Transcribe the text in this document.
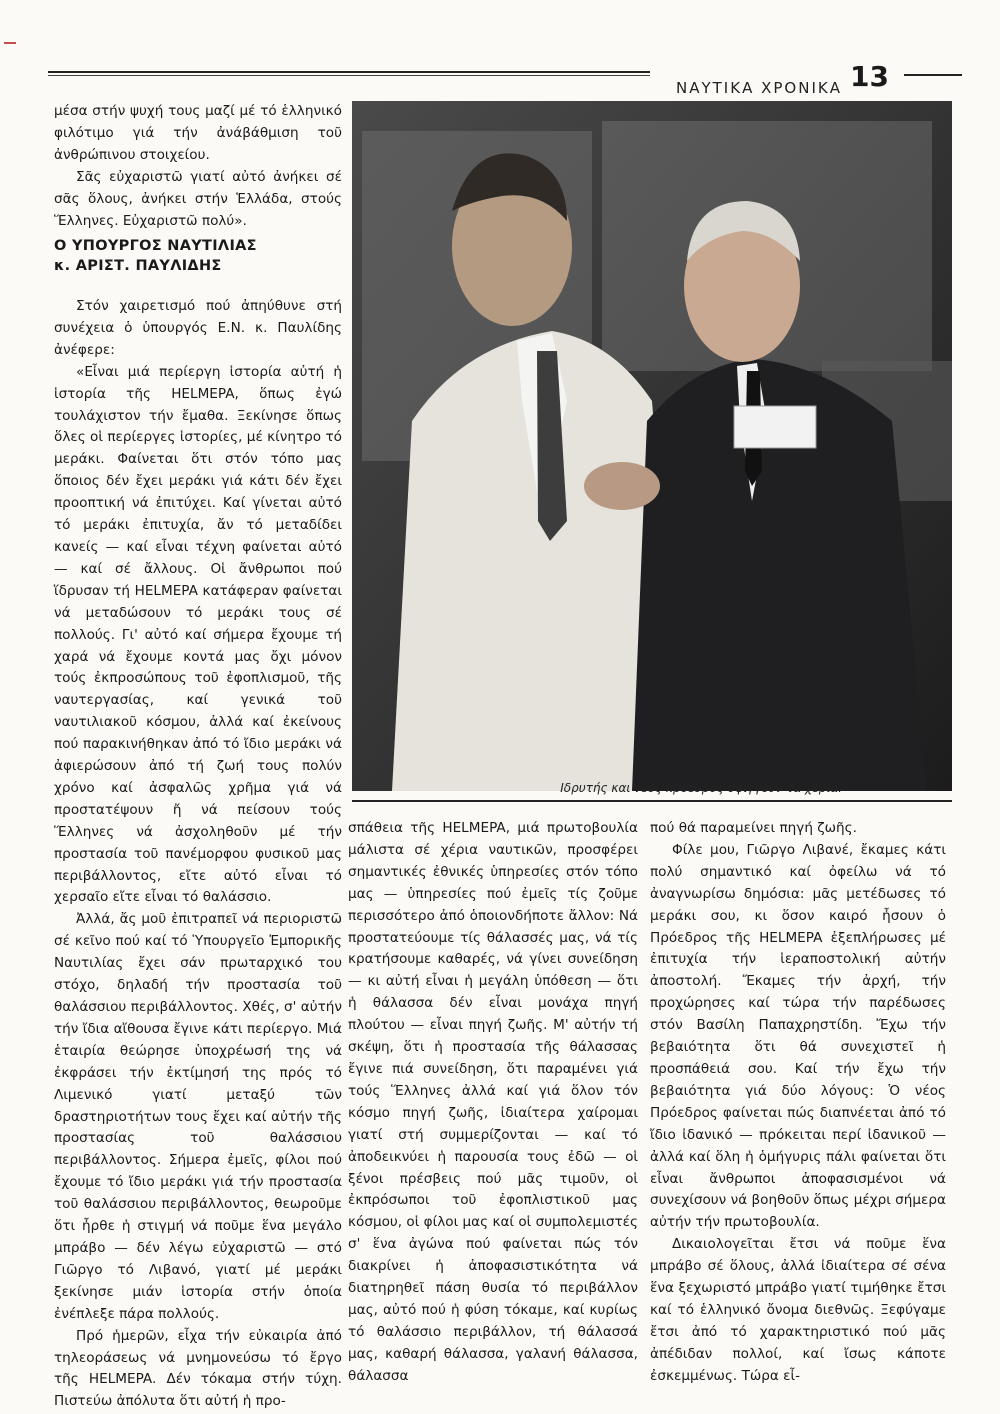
ΝΑΥΤΙΚΑ ΧΡΟΝΙΚΑ 13

μέσα στήν ψυχή τους μαζί μέ τό ἑλληνικό φιλότιμο γιά τήν ἀνάβάθμιση τοῦ ἀνθρώπινου στοιχείου.

Σᾶς εὐχαριστῶ γιατί αὐτό ἀνήκει σέ σᾶς ὅλους, ἀνήκει στήν Ἑλλάδα, στούς Ἕλληνες. Εὐχαριστῶ πολύ».

Ο ΥΠΟΥΡΓΟΣ ΝΑΥΤΙΛΙΑΣ
κ. ΑΡΙΣΤ. ΠΑΥΛΙΔΗΣ

Στόν χαιρετισμό πού ἀπηύθυνε στή συνέχεια ὁ ὑπουργός Ε.Ν. κ. Παυλίδης ἀνέφερε:

«Εἶναι μιά περίεργη ἱστορία αὐτή ἡ ἱστορία τῆς HELMEPA, ὅπως ἐγώ τουλάχιστον τήν ἔμαθα. Ξεκίνησε ὅπως ὅλες οἱ περίεργες ἱστορίες, μέ κίνητρο τό μεράκι. Φαίνεται ὅτι στόν τόπο μας ὅποιος δέν ἔχει μεράκι γιά κάτι δέν ἔχει προοπτική νά ἐπιτύχει. Καί γίνεται αὐτό τό μεράκι ἐπιτυχία, ἄν τό μεταδίδει κανείς — καί εἶναι τέχνη φαίνεται αὐτό — καί σέ ἄλλους. Οἱ ἄνθρωποι πού ἵδρυσαν τή HELMEPA κατάφεραν φαίνεται νά μεταδώσουν τό μεράκι τους σέ πολλούς. Γι' αὐτό καί σήμερα ἔχουμε τή χαρά νά ἔχουμε κοντά μας ὄχι μόνον τούς ἐκπροσώπους τοῦ ἐφοπλισμοῦ, τῆς ναυτεργασίας, καί γενικά τοῦ ναυτιλιακοῦ κόσμου, ἀλλά καί ἐκείνους πού παρακινήθηκαν ἀπό τό ἴδιο μεράκι νά ἀφιερώσουν ἀπό τή ζωή τους πολύν χρόνο καί ἀσφαλῶς χρῆμα γιά νά προστατέψουν ἤ νά πείσουν τούς Ἕλληνες νά ἀσχοληθοῦν μέ τήν προστασία τοῦ πανέμορφου φυσικοῦ μας περιβάλλοντος, εἴτε αὐτό εἶναι τό χερσαῖο εἴτε εἶναι τό θαλάσσιο.

Ἀλλά, ἄς μοῦ ἐπιτραπεῖ νά περιοριστῶ σέ κεῖνο πού καί τό Ὑπουργεῖο Ἐμπορικῆς Ναυτιλίας ἔχει σάν πρωταρχικό του στόχο, δηλαδή τήν προστασία τοῦ θαλάσσιου περιβάλλοντος. Χθές, σ' αὐτήν τήν ἴδια αἴθουσα ἔγινε κάτι περίεργο. Μιά ἑταιρία θεώρησε ὑποχρέωσή της νά ἐκφράσει τήν ἐκτίμησή της πρός τό Λιμενικό γιατί μεταξύ τῶν δραστηριοτήτων τους ἔχει καί αὐτήν τῆς προστασίας τοῦ θαλάσσιου περιβάλλοντος. Σήμερα ἐμεῖς, φίλοι πού ἔχουμε τό ἴδιο μεράκι γιά τήν προστασία τοῦ θαλάσσιου περιβάλλοντος, θεωροῦμε ὅτι ἦρθε ἡ στιγμή νά ποῦμε ἕνα μεγάλο μπράβο — δέν λέγω εὐχαριστῶ — στό Γιῶργο τό Λιβανό, γιατί μέ μεράκι ξεκίνησε μιάν ἱστορία στήν ὁποία ἐνέπλεξε πάρα πολλούς.

Πρό ἡμερῶν, εἶχα τήν εὐκαιρία ἀπό τηλεοράσεως νά μνημονεύσω τό ἔργο τῆς HELMEPA. Δέν τόκαμα στήν τύχη. Πιστεύω ἀπόλυτα ὅτι αὐτή ἡ προ-

Ιδρυτής και νέος πρόεδρος σφίγγουν τα χέρια.

σπάθεια τῆς HELMEPA, μιά πρωτοβουλία μάλιστα σέ χέρια ναυτικῶν, προσφέρει σημαντικές ἐθνικές ὑπηρεσίες στόν τόπο μας — ὑπηρεσίες πού ἐμεῖς τίς ζοῦμε περισσότερο ἀπό ὁποιονδήποτε ἄλλον: Νά προστατεύουμε τίς θάλασσές μας, νά τίς κρατήσουμε καθαρές, νά γίνει συνείδηση — κι αὐτή εἶναι ἡ μεγάλη ὑπόθεση — ὅτι ἡ θάλασσα δέν εἶναι μονάχα πηγή πλούτου — εἶναι πηγή ζωῆς. Μ' αὐτήν τή σκέψη, ὅτι ἡ προστασία τῆς θάλασσας ἔγινε πιά συνείδηση, ὅτι παραμένει γιά τούς Ἕλληνες ἀλλά καί γιά ὅλον τόν κόσμο πηγή ζωῆς, ἰδιαίτερα χαίρομαι γιατί στή συμμερίζονται — καί τό ἀποδεικνύει ἡ παρουσία τους ἐδῶ — οἱ ξένοι πρέσβεις πού μᾶς τιμοῦν, οἱ ἐκπρόσωποι τοῦ ἐφοπλιστικοῦ μας κόσμου, οἱ φίλοι μας καί οἱ συμπολεμιστές σ' ἕνα ἀγώνα πού φαίνεται πώς τόν διακρίνει ἡ ἀποφασιστικότητα νά διατηρηθεῖ πάση θυσία τό περιβάλλον μας, αὐτό πού ἡ φύση τόκαμε, καί κυρίως τό θαλάσσιο περιβάλλον, τή θάλασσά μας, καθαρή θάλασσα, γαλανή θάλασσα, θάλασσα

πού θά παραμείνει πηγή ζωῆς.

Φίλε μου, Γιῶργο Λιβανέ, ἔκαμες κάτι πολύ σημαντικό καί ὀφείλω νά τό ἀναγνωρίσω δημόσια: μᾶς μετέδωσες τό μεράκι σου, κι ὅσον καιρό ἦσουν ὁ Πρόεδρος τῆς HELMEPA ἐξεπλήρωσες μέ ἐπιτυχία τήν ἱεραποστολική αὐτήν ἀποστολή. Ἔκαμες τήν ἀρχή, τήν προχώρησες καί τώρα τήν παρέδωσες στόν Βασίλη Παπαχρηστίδη. Ἔχω τήν βεβαιότητα ὅτι θά συνεχιστεῖ ἡ προσπάθειά σου. Καί τήν ἔχω τήν βεβαιότητα γιά δύο λόγους: Ὁ νέος Πρόεδρος φαίνεται πώς διαπνέεται ἀπό τό ἴδιο ἰδανικό — πρόκειται περί ἰδανικοῦ — ἀλλά καί ὅλη ἡ ὁμήγυρις πάλι φαίνεται ὅτι εἶναι ἄνθρωποι ἀποφασισμένοι νά συνεχίσουν νά βοηθοῦν ὅπως μέχρι σήμερα αὐτήν τήν πρωτοβουλία.

Δικαιολογεῖται ἔτσι νά ποῦμε ἕνα μπράβο σέ ὅλους, ἀλλά ἰδιαίτερα σέ σένα ἕνα ξεχωριστό μπράβο γιατί τιμήθηκε ἔτσι καί τό ἑλληνικό ὄνομα διεθνῶς. Ξεφύγαμε ἔτσι ἀπό τό χαρακτηριστικό πού μᾶς ἀπέδιδαν πολλοί, καί ἴσως κάποτε ἐσκεμμένως. Τώρα εἶ-
